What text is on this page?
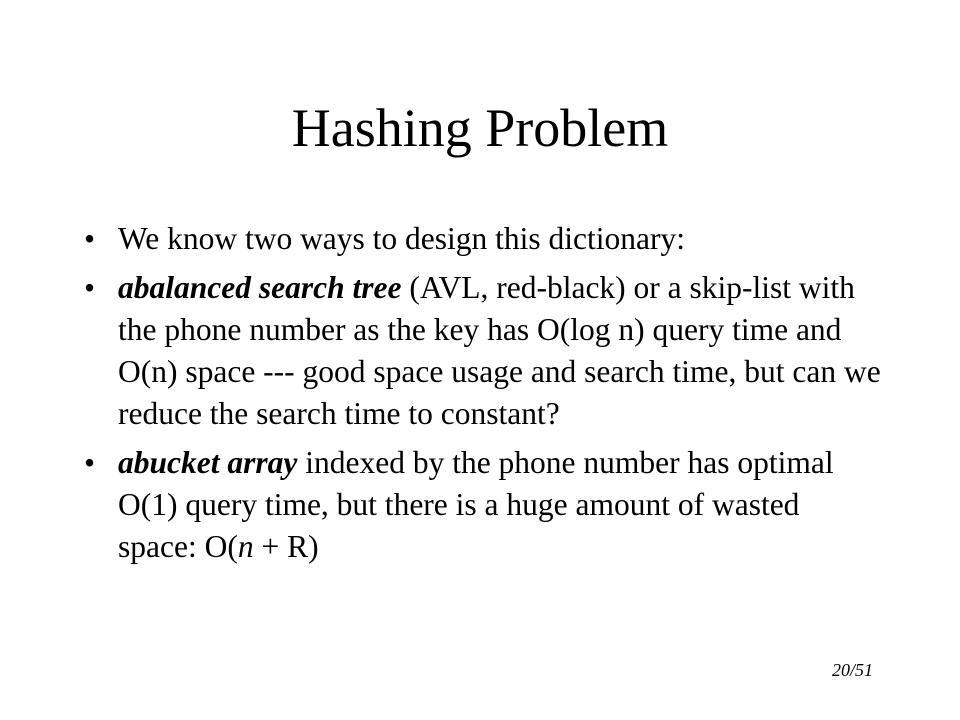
Hashing Problem
• We know two ways to design this dictionary:
• abalanced search tree (AVL, red-black) or a skip-list with the phone number as the key has O(log n) query time and O(n) space --- good space usage and search time, but can we reduce the search time to constant?
• abucket array indexed by the phone number has optimal O(1) query time, but there is a huge amount of wasted space: O(n + R)
20/51
